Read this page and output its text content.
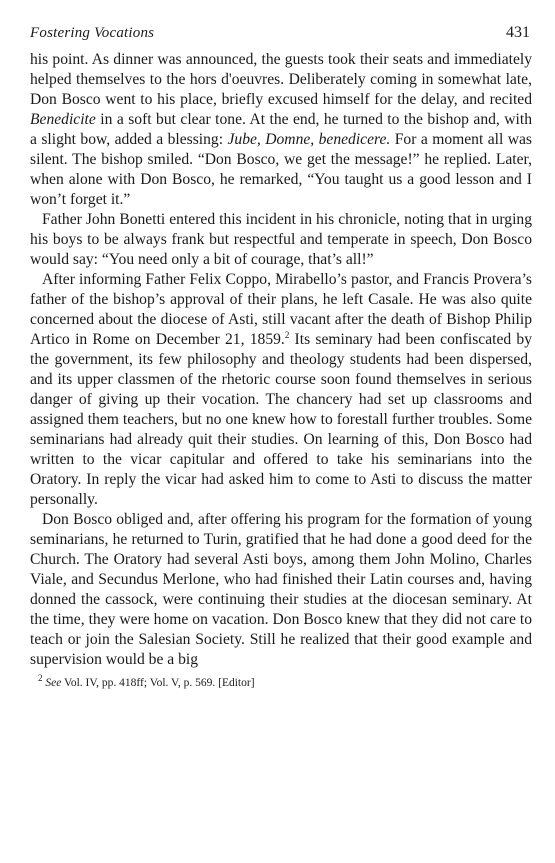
Fostering Vocations	431

his point. As dinner was announced, the guests took their seats and immediately helped themselves to the hors d'oeuvres. Deliberately coming in somewhat late, Don Bosco went to his place, briefly excused himself for the delay, and recited Benedicite in a soft but clear tone. At the end, he turned to the bishop and, with a slight bow, added a blessing: Jube, Domne, benedicere. For a moment all was silent. The bishop smiled. “Don Bosco, we get the message!” he replied. Later, when alone with Don Bosco, he remarked, “You taught us a good lesson and I won’t forget it.”

Father John Bonetti entered this incident in his chronicle, noting that in urging his boys to be always frank but respectful and temperate in speech, Don Bosco would say: “You need only a bit of courage, that’s all!”

After informing Father Felix Coppo, Mirabello’s pastor, and Francis Provera’s father of the bishop’s approval of their plans, he left Casale. He was also quite concerned about the diocese of Asti, still vacant after the death of Bishop Philip Artico in Rome on December 21, 1859.$^2$ Its seminary had been confiscated by the government, its few philosophy and theology students had been dispersed, and its upper classmen of the rhetoric course soon found themselves in serious danger of giving up their vocation. The chancery had set up classrooms and assigned them teachers, but no one knew how to forestall further troubles. Some seminarians had already quit their studies. On learning of this, Don Bosco had written to the vicar capitular and offered to take his seminarians into the Oratory. In reply the vicar had asked him to come to Asti to discuss the matter personally.

Don Bosco obliged and, after offering his program for the formation of young seminarians, he returned to Turin, gratified that he had done a good deed for the Church. The Oratory had several Asti boys, among them John Molino, Charles Viale, and Secundus Merlone, who had finished their Latin courses and, having donned the cassock, were continuing their studies at the diocesan seminary. At the time, they were home on vacation. Don Bosco knew that they did not care to teach or join the Salesian Society. Still he realized that their good example and supervision would be a big

$^2$ See Vol. IV, pp. 418ff; Vol. V, p. 569. [Editor]
